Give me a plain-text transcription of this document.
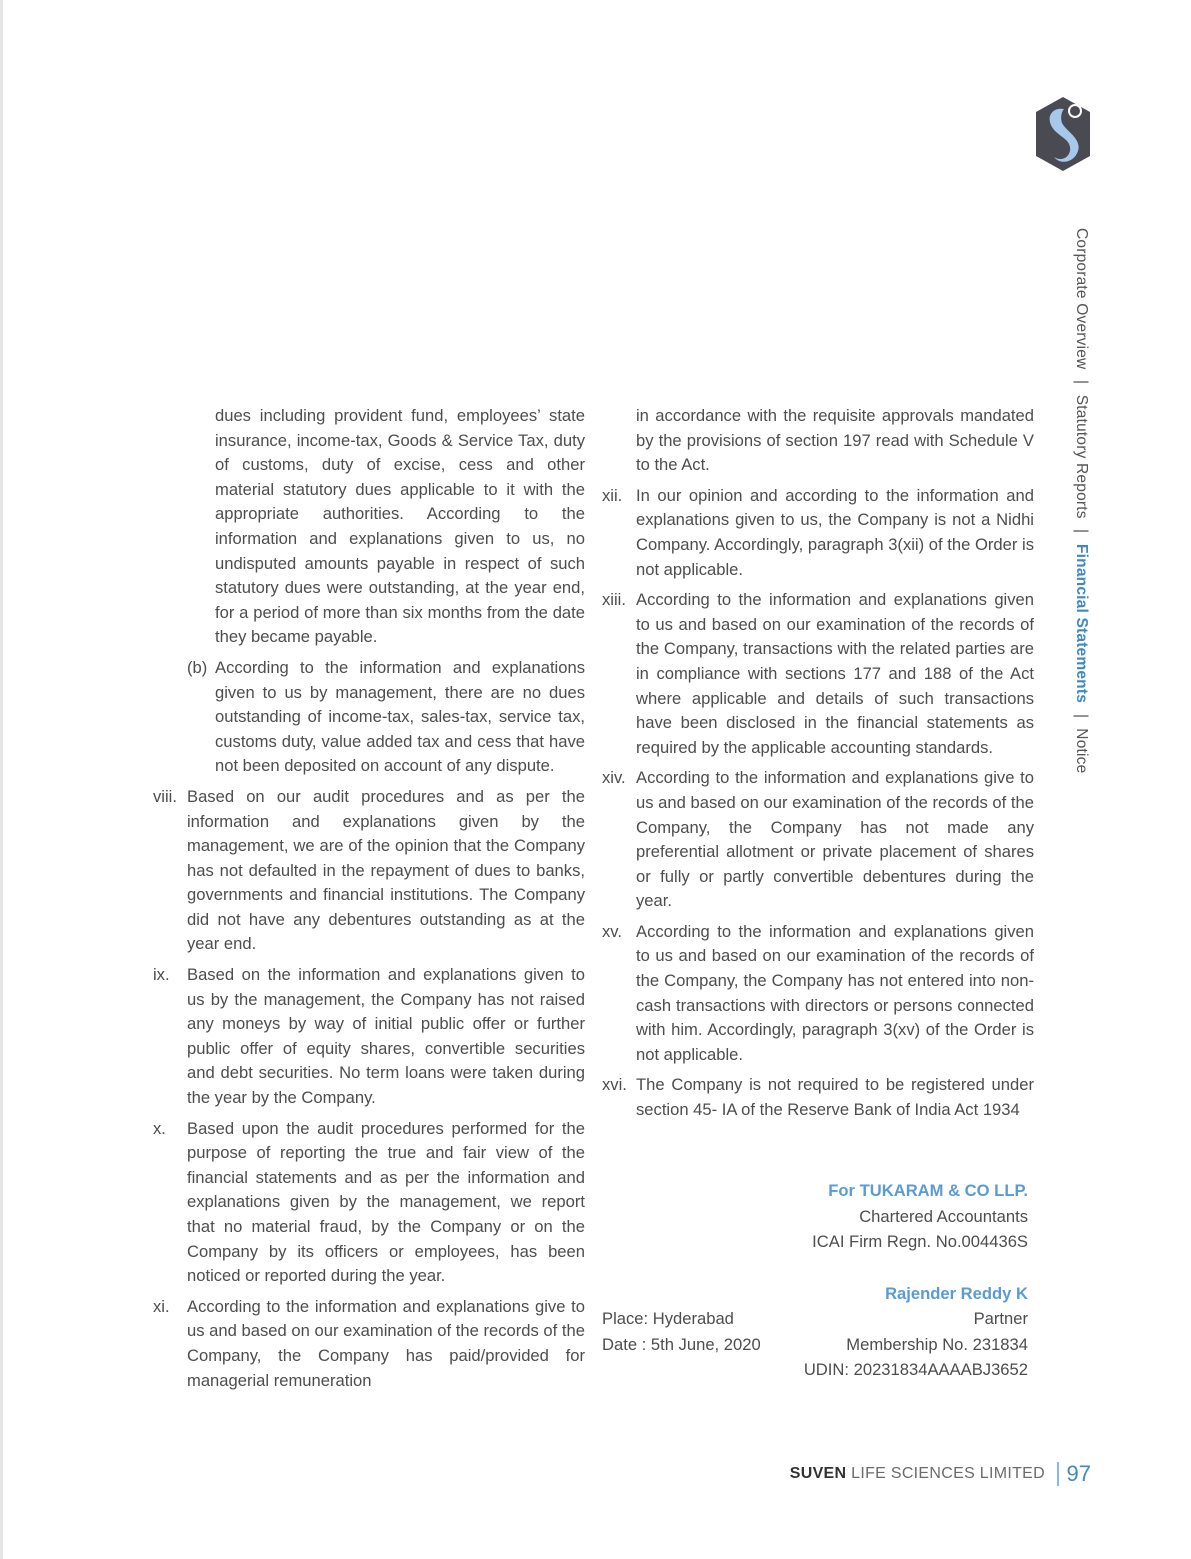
Corporate Overview | Statutory Reports | Financial Statements | Notice
dues including provident fund, employees’ state insurance, income-tax, Goods & Service Tax, duty of customs, duty of excise, cess and other material statutory dues applicable to it with the appropriate authorities. According to the information and explanations given to us, no undisputed amounts payable in respect of such statutory dues were outstanding, at the year end, for a period of more than six months from the date they became payable.
(b) According to the information and explanations given to us by management, there are no dues outstanding of income-tax, sales-tax, service tax, customs duty, value added tax and cess that have not been deposited on account of any dispute.
viii. Based on our audit procedures and as per the information and explanations given by the management, we are of the opinion that the Company has not defaulted in the repayment of dues to banks, governments and financial institutions. The Company did not have any debentures outstanding as at the year end.
ix.	Based on the information and explanations given to us by the management, the Company has not raised any moneys by way of initial public offer or further public offer of equity shares, convertible securities and debt securities. No term loans were taken during the year by the Company.
x.	Based upon the audit procedures performed for the purpose of reporting the true and fair view of the financial statements and as per the information and explanations given by the management, we report that no material fraud, by the Company or on the Company by its officers or employees, has been noticed or reported during the year.
xi.	According to the information and explanations give to us and based on our examination of the records of the Company, the Company has paid/provided for managerial remuneration
in accordance with the requisite approvals mandated by the provisions of section 197 read with Schedule V to the Act.
xii. In our opinion and according to the information and explanations given to us, the Company is not a Nidhi Company. Accordingly, paragraph 3(xii) of the Order is not applicable.
xiii. According to the information and explanations given to us and based on our examination of the records of the Company, transactions with the related parties are in compliance with sections 177 and 188 of the Act where applicable and details of such transactions have been disclosed in the financial statements as required by the applicable accounting standards.
xiv. According to the information and explanations give to us and based on our examination of the records of the Company, the Company has not made any preferential allotment or private placement of shares or fully or partly convertible debentures during the year.
xv. According to the information and explanations given to us and based on our examination of the records of the Company, the Company has not entered into non-cash transactions with directors or persons connected with him. Accordingly, paragraph 3(xv) of the Order is not applicable.
xvi. The Company is not required to be registered under section 45- IA of the Reserve Bank of India Act 1934
For TUKARAM & CO LLP.
Chartered Accountants
ICAI Firm Regn. No.004436S
Rajender Reddy K
Place: Hyderabad	Partner
Date : 5th June, 2020	Membership No. 231834
UDIN: 20231834AAAABJ3652
SUVEN LIFE SCIENCES LIMITED 97
